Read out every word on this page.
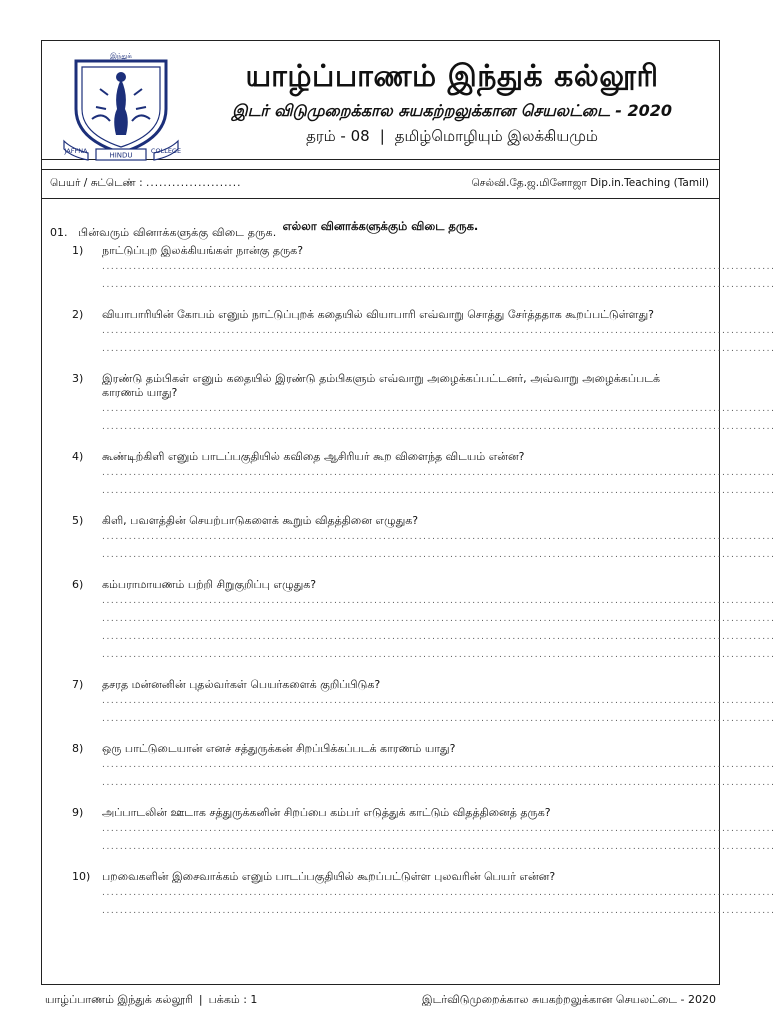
இந்துக்
JAFFNA
HINDU
COLLEGE
யாழ்ப்பாணம் இந்துக் கல்லூரி
இடர் விடுமுறைக்கால சுயகற்றலுக்கான செயலட்டை - 2020
தரம் - 08 | தமிழ்மொழியும் இலக்கியமும்
பெயர் / சுட்டெண் : ......................	செல்வி.தே.ஜ.மினோஜா Dip.in.Teaching (Tamil)
எல்லா வினாக்களுக்கும் விடை தருக.
01. பின்வரும் வினாக்களுக்கு விடை தருக.
1) நாட்டுப்புற இலக்கியங்கள் நான்கு தருக?
.......................................................................................................................................................
.......................................................................................................................................................
2) வியாபாரியின் கோபம் எனும் நாட்டுப்புறக் கதையில் வியாபாரி எவ்வாறு சொத்து சேர்த்ததாக கூறப்பட்டுள்ளது?
.......................................................................................................................................................
.......................................................................................................................................................
3) இரண்டு தம்பிகள் எனும் கதையில் இரண்டு தம்பிகளும் எவ்வாறு அழைக்கப்பட்டனர், அவ்வாறு அழைக்கப்படக் காரணம் யாது?
.......................................................................................................................................................
.......................................................................................................................................................
4) கூண்டிற்கிளி எனும் பாடப்பகுதியில் கவிதை ஆசிரியர் கூற விளைந்த விடயம் என்ன?
.......................................................................................................................................................
.......................................................................................................................................................
5) கிளி, பவளத்தின் செயற்பாடுகளைக் கூறும் விதத்தினை எழுதுக?
.......................................................................................................................................................
.......................................................................................................................................................
6) கம்பராமாயணம் பற்றி சிறுகுறிப்பு எழுதுக?
.......................................................................................................................................................
.......................................................................................................................................................
.......................................................................................................................................................
.......................................................................................................................................................
7) தசரத மன்னனின் புதல்வர்கள் பெயர்களைக் குறிப்பிடுக?
.......................................................................................................................................................
.......................................................................................................................................................
8) ஒரு பாட்டுடையான் எனச் சத்துருக்கன் சிறப்பிக்கப்படக் காரணம் யாது?
.......................................................................................................................................................
.......................................................................................................................................................
9) அப்பாடலின் ஊடாக சத்துருக்கனின் சிறப்பை கம்பர் எடுத்துக் காட்டும் விதத்தினைத் தருக?
.......................................................................................................................................................
.......................................................................................................................................................
10) பறவைகளின் இசைவாக்கம் எனும் பாடப்பகுதியில் கூறப்பட்டுள்ள புலவரின் பெயர் என்ன?
.......................................................................................................................................................
.......................................................................................................................................................
யாழ்ப்பாணம் இந்துக் கல்லூரி | பக்கம் : 1	இடர்விடுமுறைக்கால சுயகற்றலுக்கான செயலட்டை - 2020
